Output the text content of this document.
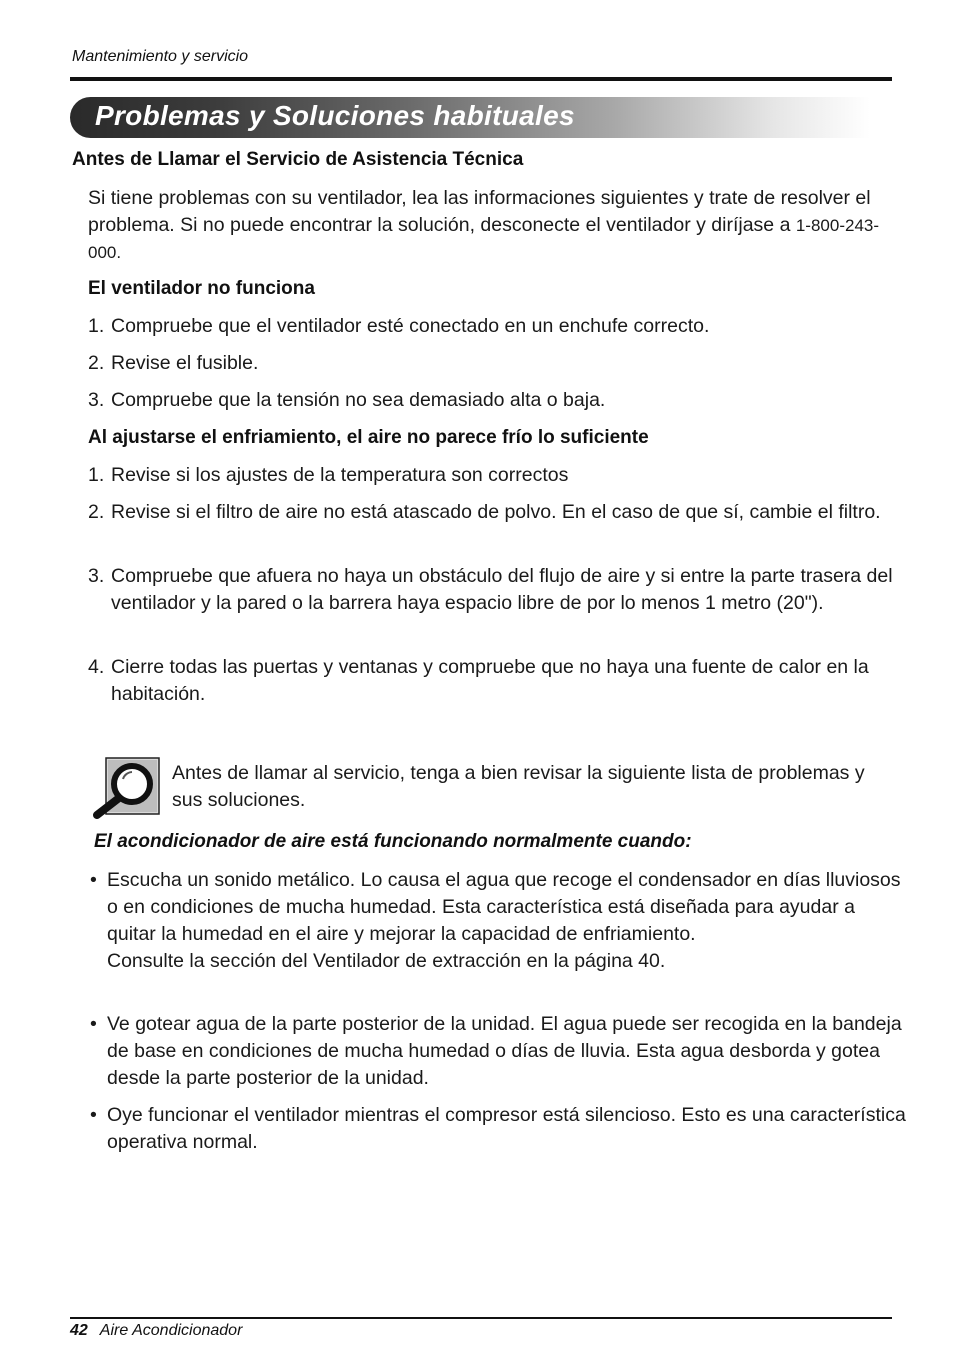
Mantenimiento y servicio
Problemas y Soluciones habituales
Antes de Llamar el Servicio de Asistencia Técnica
Si tiene problemas con su ventilador, lea las informaciones siguientes y trate de resolver el problema. Si no puede encontrar la solución, desconecte el ventilador y diríjase a 1-800-243-000.
El ventilador no funciona
1. Compruebe que el ventilador esté conectado en un enchufe correcto.
2. Revise el fusible.
3. Compruebe que la tensión no sea demasiado alta o baja.
Al ajustarse el enfriamiento, el aire no parece frío lo suficiente
1. Revise si los ajustes de la temperatura son correctos
2. Revise si el filtro de aire no está atascado de polvo. En el caso de que sí, cambie el filtro.
3. Compruebe que afuera no haya un obstáculo del flujo de aire y si entre la parte trasera del ventilador y la pared o la barrera haya espacio libre de por lo menos 1 metro (20").
4. Cierre todas las puertas y ventanas y compruebe que no haya una fuente de calor en la habitación.
Antes de llamar al servicio, tenga a bien revisar la siguiente lista de problemas y sus soluciones.
El acondicionador de aire está funcionando normalmente cuando:
• Escucha un sonido metálico. Lo causa el agua que recoge el condensador en días lluviosos o en condiciones de mucha humedad. Esta característica está diseñada para ayudar a quitar la humedad en el aire y mejorar la capacidad de enfriamiento.
Consulte la sección del Ventilador de extracción en la página 40.
• Ve gotear agua de la parte posterior de la unidad. El agua puede ser recogida en la bandeja de base en condiciones de mucha humedad o días de lluvia. Esta agua desborda y gotea desde la parte posterior de la unidad.
• Oye funcionar el ventilador mientras el compresor está silencioso. Esto es una característica operativa normal.
42 Aire Acondicionador
